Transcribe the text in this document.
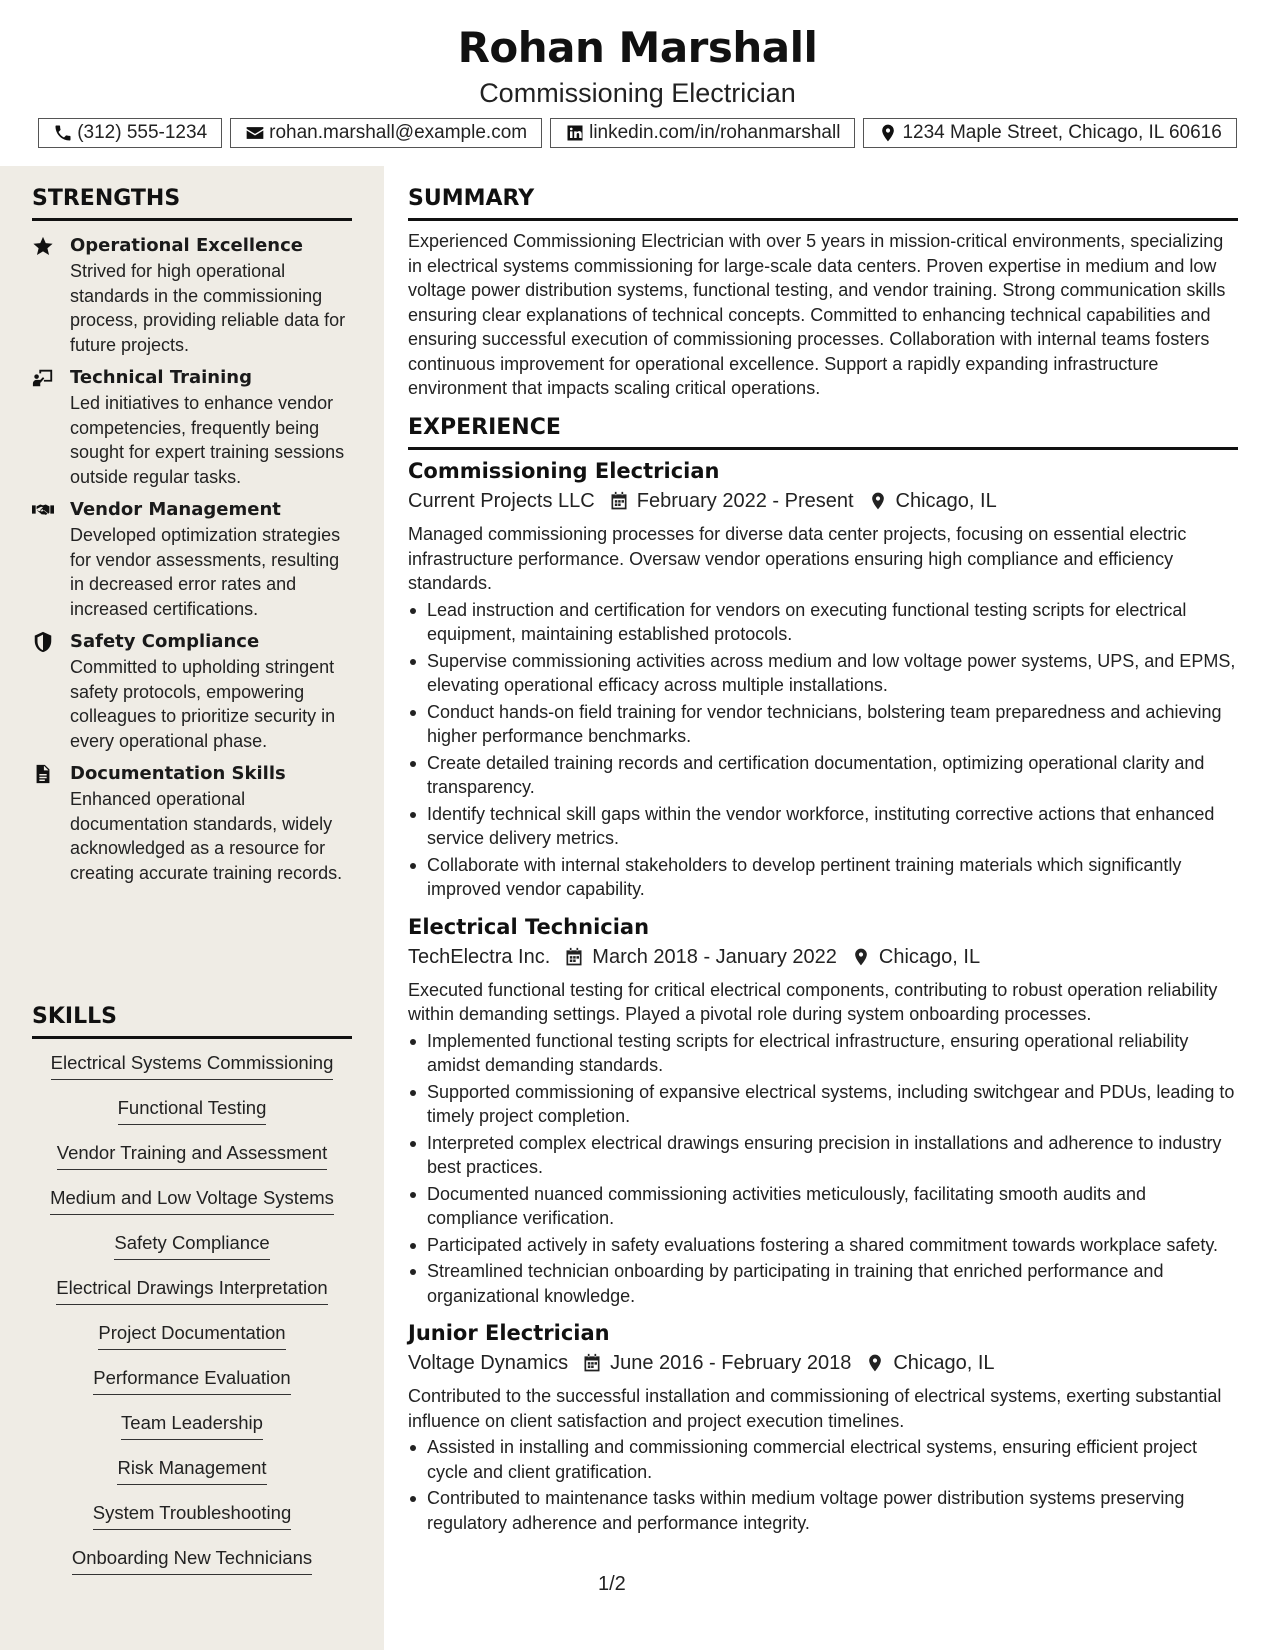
Rohan Marshall
Commissioning Electrician
(312) 555-1234	rohan.marshall@example.com	linkedin.com/in/rohanmarshall	1234 Maple Street, Chicago, IL 60616
STRENGTHS
Operational Excellence
Strived for high operational standards in the commissioning process, providing reliable data for future projects.
Technical Training
Led initiatives to enhance vendor competencies, frequently being sought for expert training sessions outside regular tasks.
Vendor Management
Developed optimization strategies for vendor assessments, resulting in decreased error rates and increased certifications.
Safety Compliance
Committed to upholding stringent safety protocols, empowering colleagues to prioritize security in every operational phase.
Documentation Skills
Enhanced operational documentation standards, widely acknowledged as a resource for creating accurate training records.
SKILLS
Electrical Systems Commissioning
Functional Testing
Vendor Training and Assessment
Medium and Low Voltage Systems
Safety Compliance
Electrical Drawings Interpretation
Project Documentation
Performance Evaluation
Team Leadership
Risk Management
System Troubleshooting
Onboarding New Technicians
SUMMARY
Experienced Commissioning Electrician with over 5 years in mission-critical environments, specializing in electrical systems commissioning for large-scale data centers. Proven expertise in medium and low voltage power distribution systems, functional testing, and vendor training. Strong communication skills ensuring clear explanations of technical concepts. Committed to enhancing technical capabilities and ensuring successful execution of commissioning processes. Collaboration with internal teams fosters continuous improvement for operational excellence. Support a rapidly expanding infrastructure environment that impacts scaling critical operations.
EXPERIENCE
Commissioning Electrician
Current Projects LLC February 2022 - Present Chicago, IL
Managed commissioning processes for diverse data center projects, focusing on essential electric infrastructure performance. Oversaw vendor operations ensuring high compliance and efficiency standards.
Lead instruction and certification for vendors on executing functional testing scripts for electrical equipment, maintaining established protocols.
Supervise commissioning activities across medium and low voltage power systems, UPS, and EPMS, elevating operational efficacy across multiple installations.
Conduct hands-on field training for vendor technicians, bolstering team preparedness and achieving higher performance benchmarks.
Create detailed training records and certification documentation, optimizing operational clarity and transparency.
Identify technical skill gaps within the vendor workforce, instituting corrective actions that enhanced service delivery metrics.
Collaborate with internal stakeholders to develop pertinent training materials which significantly improved vendor capability.
Electrical Technician
TechElectra Inc. March 2018 - January 2022 Chicago, IL
Executed functional testing for critical electrical components, contributing to robust operation reliability within demanding settings. Played a pivotal role during system onboarding processes.
Implemented functional testing scripts for electrical infrastructure, ensuring operational reliability amidst demanding standards.
Supported commissioning of expansive electrical systems, including switchgear and PDUs, leading to timely project completion.
Interpreted complex electrical drawings ensuring precision in installations and adherence to industry best practices.
Documented nuanced commissioning activities meticulously, facilitating smooth audits and compliance verification.
Participated actively in safety evaluations fostering a shared commitment towards workplace safety.
Streamlined technician onboarding by participating in training that enriched performance and organizational knowledge.
Junior Electrician
Voltage Dynamics June 2016 - February 2018 Chicago, IL
Contributed to the successful installation and commissioning of electrical systems, exerting substantial influence on client satisfaction and project execution timelines.
Assisted in installing and commissioning commercial electrical systems, ensuring efficient project cycle and client gratification.
Contributed to maintenance tasks within medium voltage power distribution systems preserving regulatory adherence and performance integrity.
1/2
